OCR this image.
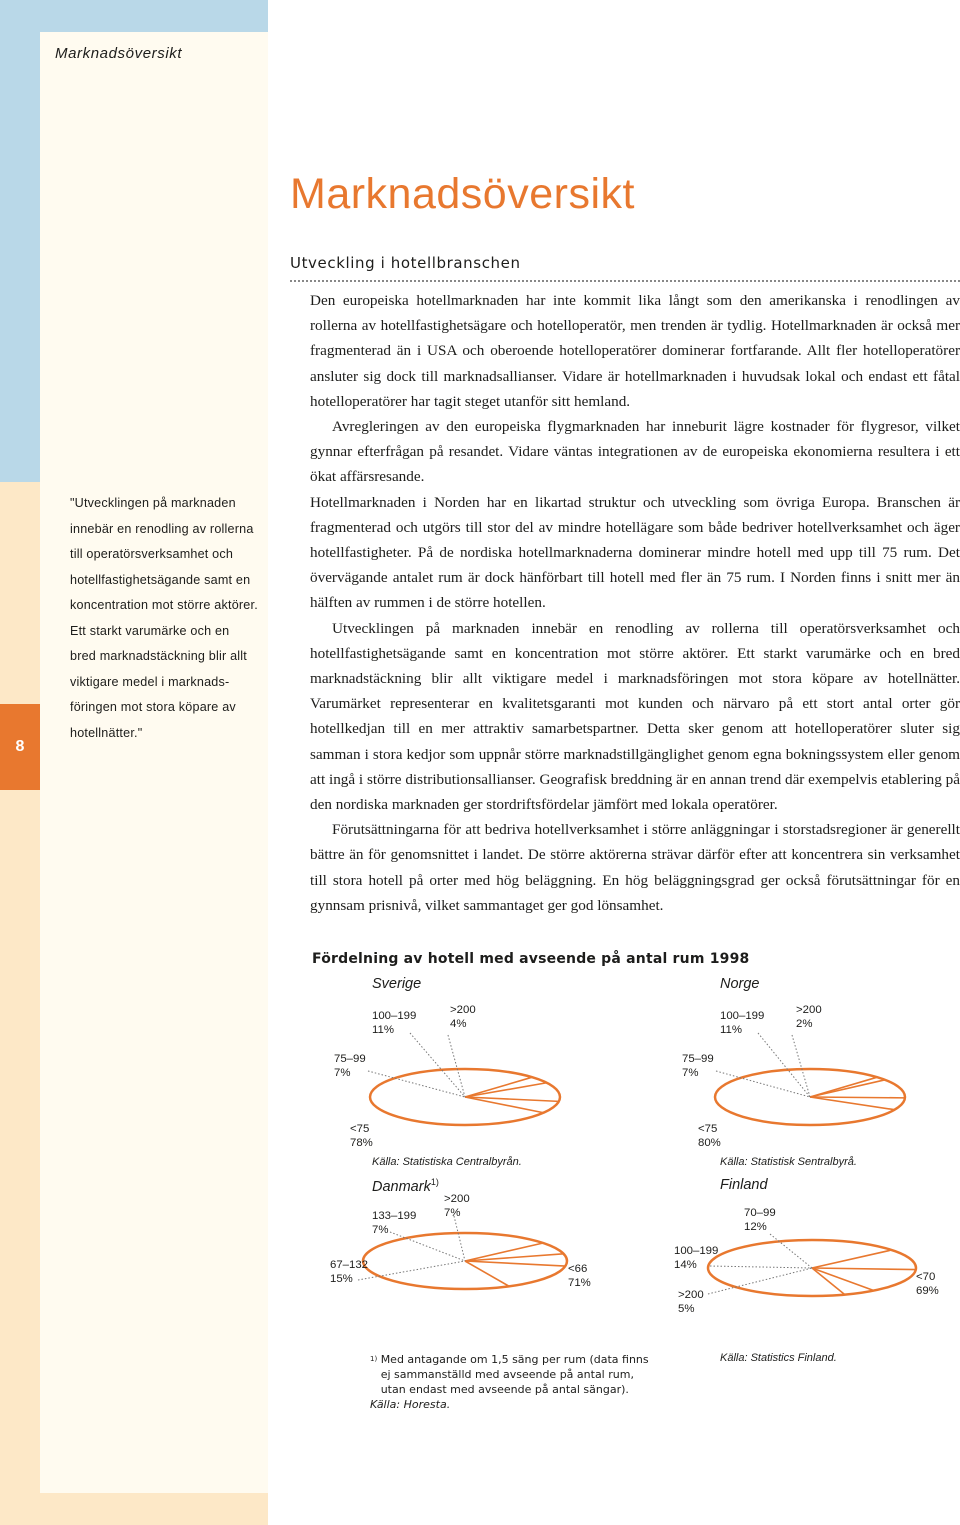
Marknadsöversikt
8

"Utvecklingen på marknaden

innebär en renodling av rollerna

till operatörsverksamhet och

hotellfastighetsägande samt en

koncentration mot större aktörer.

Ett starkt varumärke och en

bred marknadstäckning blir allt

viktigare medel i marknads-

föringen mot stora köpare av

hotellnätter."

Marknadsöversikt
Utveckling i hotellbranschen

Den europeiska hotellmarknaden har inte kommit lika långt som den amerikanska i renodlingen av rollerna av hotellfastighetsägare och hotelloperatör, men trenden är tydlig. Hotellmarknaden är också mer fragmenterad än i USA och oberoende hotelloperatörer dominerar fortfarande. Allt fler hotelloperatörer ansluter sig dock till marknadsallianser. Vidare är hotellmarknaden i huvudsak lokal och endast ett fåtal hotelloperatörer har tagit steget utanför sitt hemland.

Avregleringen av den europeiska flygmarknaden har inneburit lägre kostnader för flygresor, vilket gynnar efterfrågan på resandet. Vidare väntas integrationen av de europeiska ekonomierna resultera i ett ökat affärsresande.

Hotellmarknaden i Norden har en likartad struktur och utveckling som övriga Europa. Branschen är fragmenterad och utgörs till stor del av mindre hotellägare som både bedriver hotellverksamhet och äger hotellfastigheter. På de nordiska hotellmarknaderna dominerar mindre hotell med upp till 75 rum. Det övervägande antalet rum är dock hänförbart till hotell med fler än 75 rum. I Norden finns i snitt mer än hälften av rummen i de större hotellen.

Utvecklingen på marknaden innebär en renodling av rollerna till operatörsverksamhet och hotellfastighetsägande samt en koncentration mot större aktörer. Ett starkt varumärke och en bred marknadstäckning blir allt viktigare medel i marknadsföringen mot stora köpare av hotellnätter. Varumärket representerar en kvalitetsgaranti mot kunden och närvaro på ett stort antal orter gör hotellkedjan till en mer attraktiv samarbetspartner. Detta sker genom att hotelloperatörer sluter sig samman i stora kedjor som uppnår större marknadstillgänglighet genom egna bokningssystem eller genom att ingå i större distributionsallianser. Geografisk breddning är en annan trend där exempelvis etablering på den nordiska marknaden ger stordriftsfördelar jämfört med lokala operatörer.

Förutsättningarna för att bedriva hotellverksamhet i större anläggningar i storstadsregioner är generellt bättre än för genomsnittet i landet. De större aktörerna strävar därför efter att koncentrera sin verksamhet till stora hotell på orter med hög beläggning. En hög beläggningsgrad ger också förutsättningar för en gynnsam prisnivå, vilket sammantaget ger god lönsamhet.

Fördelning av hotell med avseende på antal rum 1998
Sverige
100–199
11%
>200
4%
75–99
7%
<75
78%
Källa: Statistiska Centralbyrån.
Norge
100–199
11%
>200
2%
75–99
7%
<75
80%
Källa: Statistisk Sentralbyrå.
Danmark$^{1)}$
133–199
7%
>200
7%
67–132
15%
<66
71%
Finland
70–99
12%
100–199
14%
>200
5%
<70
69%
$^{1)}$ Med antagande om 1,5 säng per rum (data finns
ej sammanställd med avseende på antal rum,
utan endast med avseende på antal sängar).
Källa: Horesta.
Källa: Statistics Finland.
